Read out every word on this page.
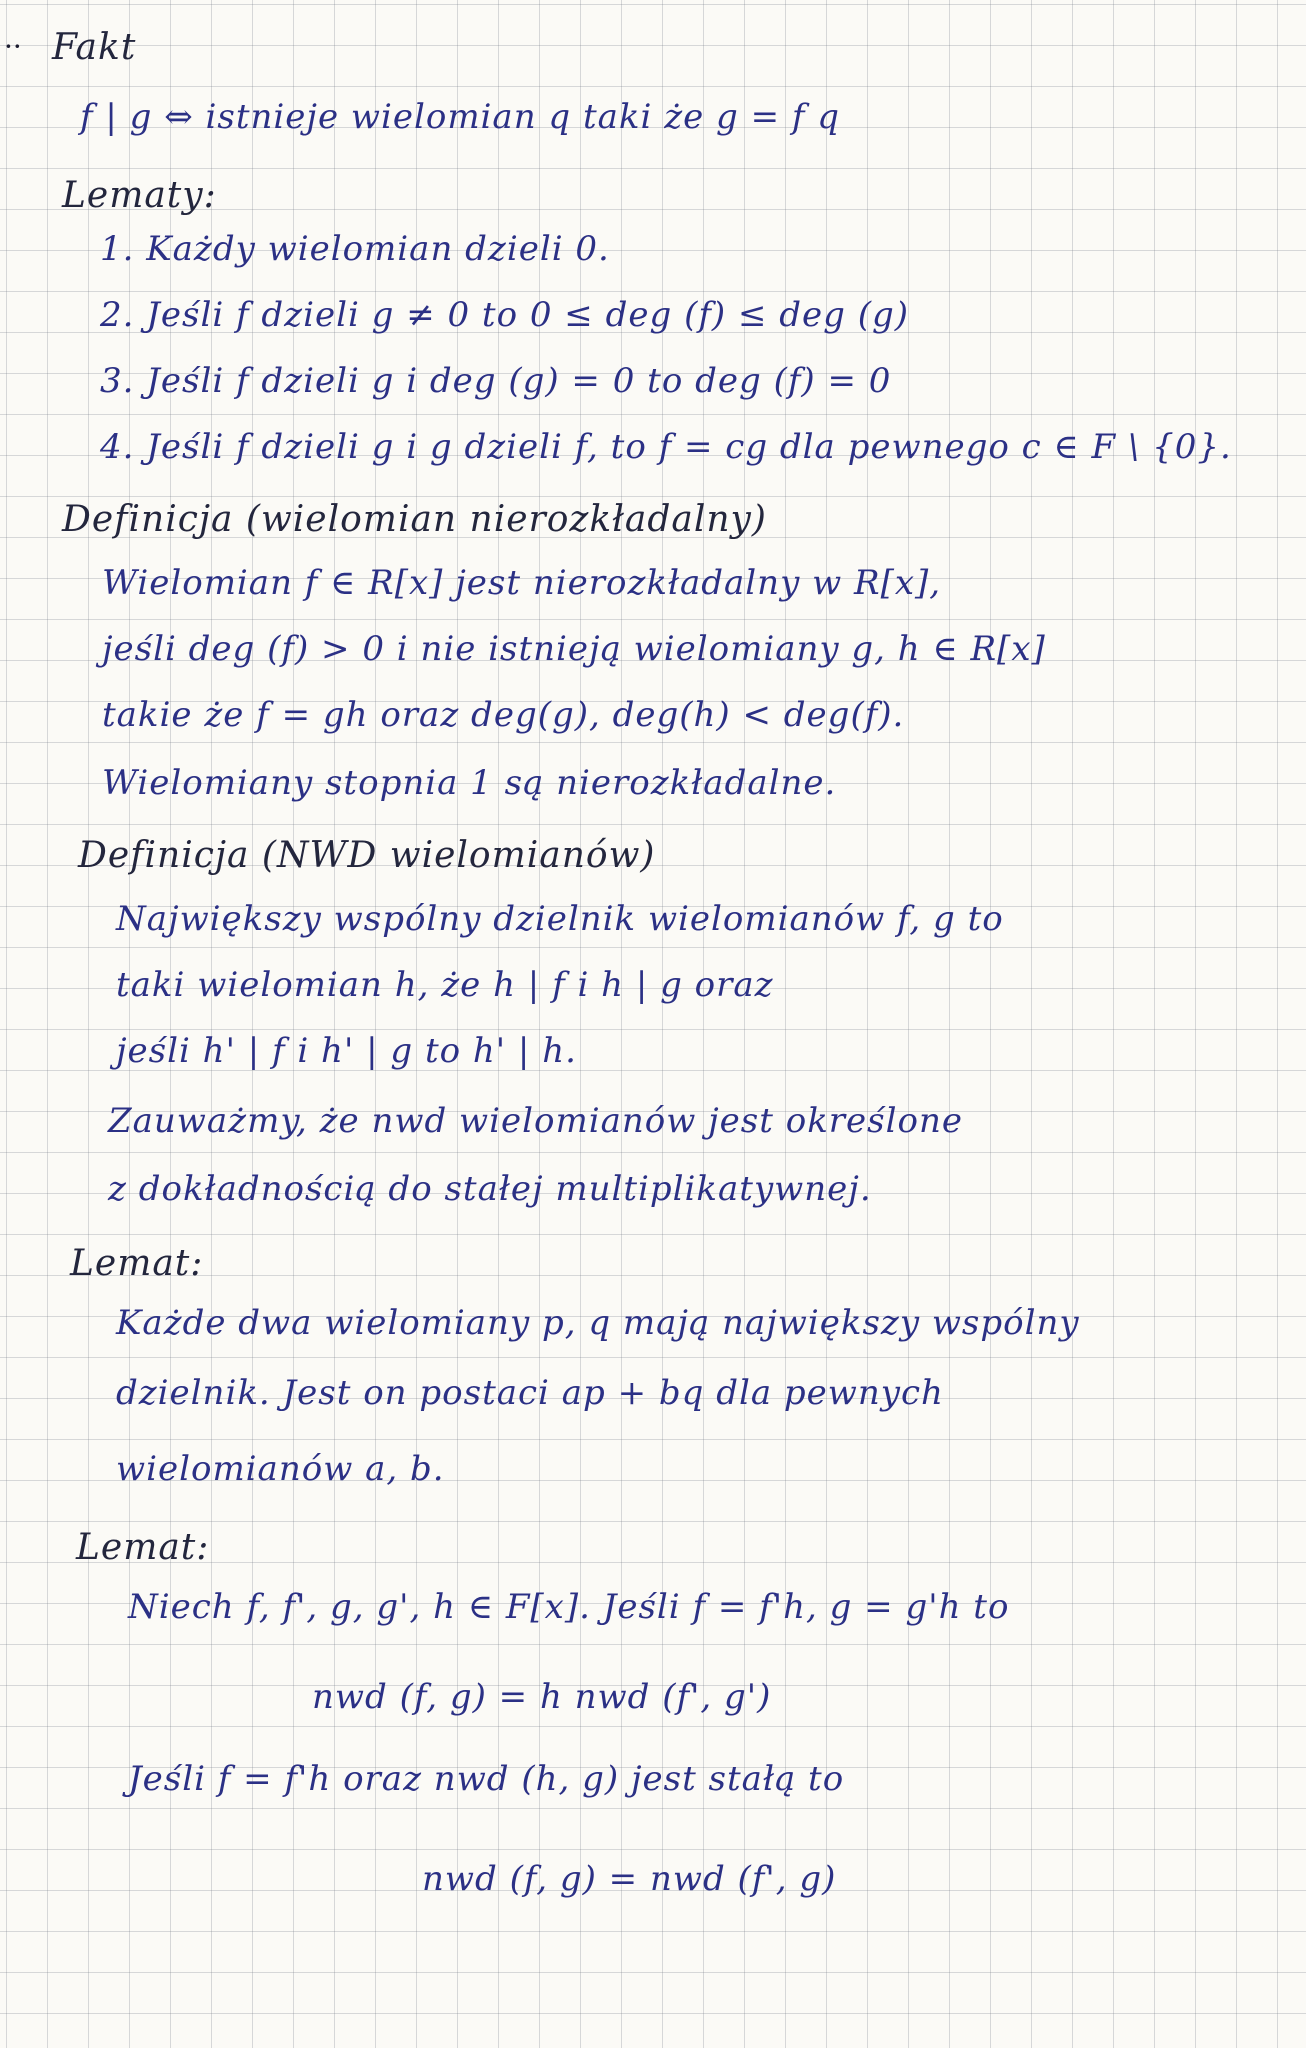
·· Fakt
f | g ⇔ istnieje wielomian q taki że g = f q
Lematy:
1. Każdy wielomian dzieli 0.
2. Jeśli f dzieli g ≠ 0 to 0 ≤ deg (f) ≤ deg (g)
3. Jeśli f dzieli g i deg (g) = 0 to deg (f) = 0
4. Jeśli f dzieli g i g dzieli f, to f = cg dla pewnego c ∈ F \ {0}.
Definicja (wielomian nierozkładalny)
Wielomian f ∈ R[x] jest nierozkładalny w R[x],
jeśli deg (f) > 0 i nie istnieją wielomiany g, h ∈ R[x]
takie że f = gh oraz deg(g), deg(h) < deg(f).
Wielomiany stopnia 1 są nierozkładalne.
Definicja (NWD wielomianów)
Największy wspólny dzielnik wielomianów f, g to
taki wielomian h, że h | f i h | g oraz
jeśli h' | f i h' | g to h' | h.
Zauważmy, że nwd wielomianów jest określone
z dokładnością do stałej multiplikatywnej.
Lemat:
Każde dwa wielomiany p, q mają największy wspólny
dzielnik. Jest on postaci ap + bq dla pewnych
wielomianów a, b.
Lemat:
Niech f, f', g, g', h ∈ F[x]. Jeśli f = f'h, g = g'h to
nwd (f, g) = h nwd (f', g')
Jeśli f = f'h oraz nwd (h, g) jest stałą to
nwd (f, g) = nwd (f', g)
